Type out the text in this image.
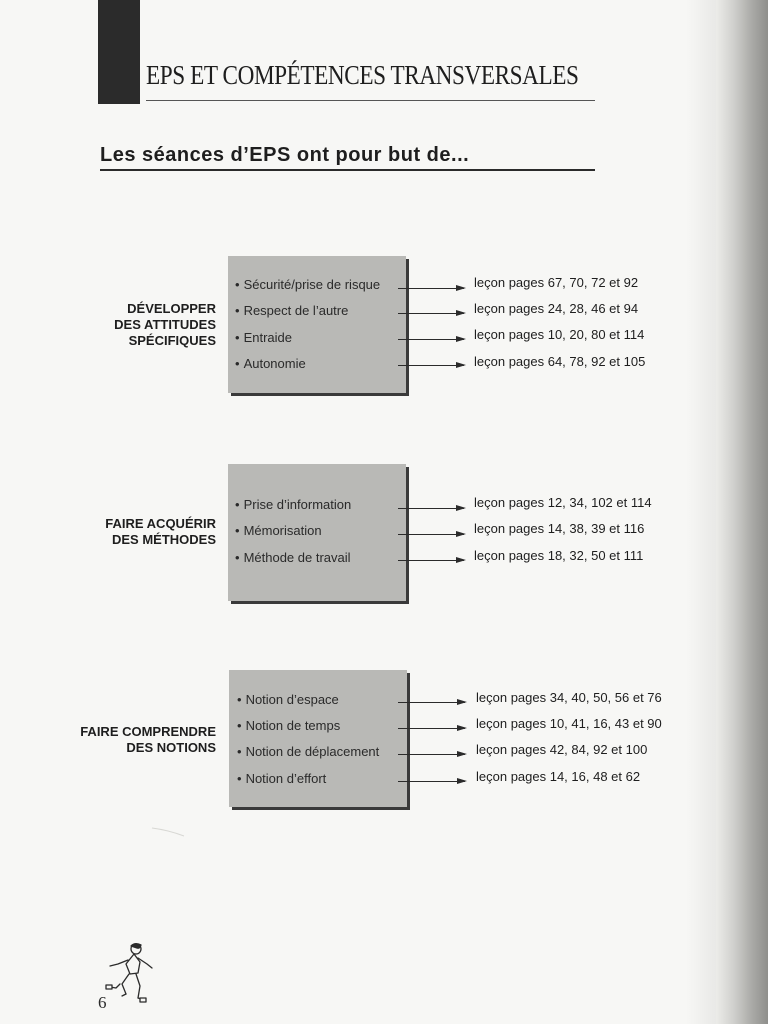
EPS ET COMPÉTENCES TRANSVERSALES
Les séances d’EPS ont pour but de...
DÉVELOPPER
DES ATTITUDES
SPÉCIFIQUES
• Sécurité/prise de risque
• Respect de l’autre
• Entraide
• Autonomie
leçon pages 67, 70, 72 et 92
leçon pages 24, 28, 46 et 94
leçon pages 10, 20, 80 et 114
leçon pages 64, 78, 92 et 105
FAIRE ACQUÉRIR
DES MÉTHODES
• Prise d’information
• Mémorisation
• Méthode de travail
leçon pages 12, 34, 102 et 114
leçon pages 14, 38, 39 et 116
leçon pages 18, 32, 50 et 111
FAIRE COMPRENDRE
DES NOTIONS
• Notion d’espace
• Notion de temps
• Notion de déplacement
• Notion d’effort
leçon pages 34, 40, 50, 56 et 76
leçon pages 10, 41, 16, 43 et 90
leçon pages 42, 84, 92 et 100
leçon pages 14, 16, 48 et 62
6
